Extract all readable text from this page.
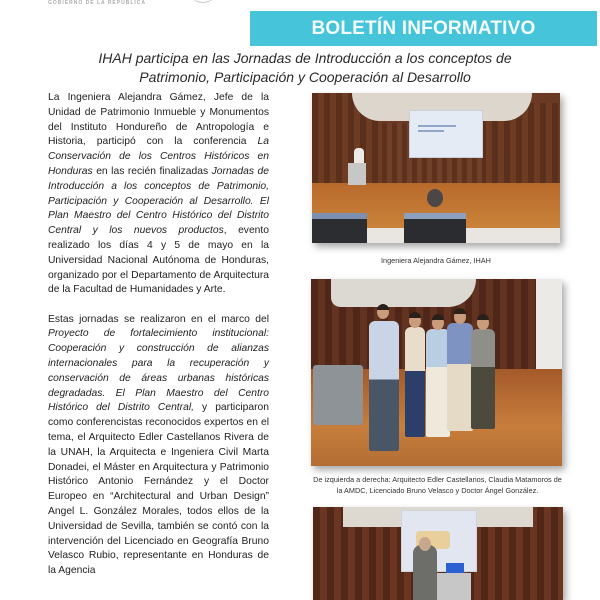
GOBIERNO DE LA REPÚBLICA
BOLETÍN INFORMATIVO
IHAH participa en las Jornadas de Introducción a los conceptos de
Patrimonio, Participación y Cooperación al Desarrollo

La Ingeniera Alejandra Gámez, Jefe de la Unidad de Patrimonio Inmueble y Monumentos del Instituto Hondureño de Antropología e Historia, participó con la conferencia La Conservación de los Centros Históricos en Honduras en las recién finalizadas Jornadas de Introducción a los conceptos de Patrimonio, Participación y Cooperación al Desarrollo. El Plan Maestro del Centro Histórico del Distrito Central y los nuevos productos, evento realizado los días 4 y 5 de mayo en la Universidad Nacional Autónoma de Honduras, organizado por el Departamento de Arquitectura de la Facultad de Humanidades y Arte.

Estas jornadas se realizaron en el marco del Proyecto de fortalecimiento institucional: Cooperación y construcción de alianzas internacionales para la recuperación y conservación de áreas urbanas históricas degradadas. El Plan Maestro del Centro Histórico del Distrito Central, y participaron como conferencistas reconocidos expertos en el tema, el Arquitecto Edler Castellanos Rivera de la UNAH, la Arquitecta e Ingeniera Civil Marta Donadei, el Máster en Arquitectura y Patrimonio Histórico Antonio Fernández y el Doctor Europeo en “Architectural and Urban Design” Angel L. González Morales, todos ellos de la Universidad de Sevilla, también se contó con la intervención del Licenciado en Geografía Bruno Velasco Rubio, representante en Honduras de la Agencia

Ingeniera Alejandra Gámez, IHAH
De izquierda a derecha: Arquitecto Edler Castellanos, Claudia Matamoros de la AMDC, Licenciado Bruno Velasco y Doctor Ángel González.
